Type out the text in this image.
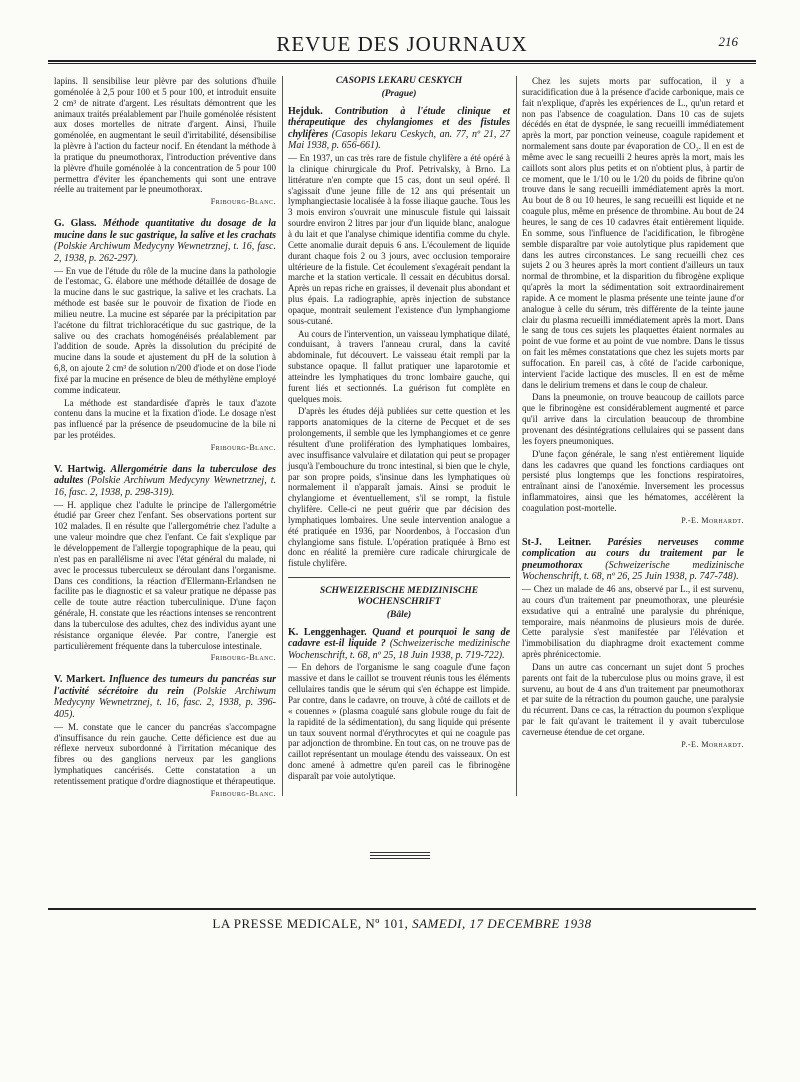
REVUE DES JOURNAUX	216

lapins. Il sensibilise leur plèvre par des solutions d'huile goménolée à 2,5 pour 100 et 5 pour 100, et introduit ensuite 2 cm³ de nitrate d'argent. Les résultats démontrent que les animaux traités préalablement par l'huile goménolée résistent aux doses mortelles de nitrate d'argent. Ainsi, l'huile goménolée, en augmentant le seuil d'irritabilité, désensibilise la plèvre à l'action du facteur nocif. En étendant la méthode à la pratique du pneumothorax, l'introduction préventive dans la plèvre d'huile goménolée à la concentration de 5 pour 100 permettra d'éviter les épanchements qui sont une entrave réelle au traitement par le pneumothorax.

Fribourg-Blanc.

G. Glass. Méthode quantitative du dosage de la mucine dans le suc gastrique, la salive et les crachats (Polskie Archiwum Medycyny Wewnetrznej, t. 16, fasc. 2, 1938, p. 262-297).

— En vue de l'étude du rôle de la mucine dans la pathologie de l'estomac, G. élabore une méthode détaillée de dosage de la mucine dans le suc gastrique, la salive et les crachats. La méthode est basée sur le pouvoir de fixation de l'iode en milieu neutre. La mucine est séparée par la précipitation par l'acétone du filtrat trichloracétique du suc gastrique, de la salive ou des crachats homogénéisés préalablement par l'addition de soude. Après la dissolution du précipité de mucine dans la soude et ajustement du pH de la solution à 6,8, on ajoute 2 cm³ de solution n/200 d'iode et on dose l'iode fixé par la mucine en présence de bleu de méthylène employé comme indicateur.

La méthode est standardisée d'après le taux d'azote contenu dans la mucine et la fixation d'iode. Le dosage n'est pas influencé par la présence de pseudomucine de la bile ni par les protéides.

Fribourg-Blanc.

V. Hartwig. Allergométrie dans la tuberculose des adultes (Polskie Archiwum Medycyny Wewnetrznej, t. 16, fasc. 2, 1938, p. 298-319).

— H. applique chez l'adulte le principe de l'allergométrie étudié par Greer chez l'enfant. Ses observations portent sur 102 malades. Il en résulte que l'allergométrie chez l'adulte a une valeur moindre que chez l'enfant. Ce fait s'explique par le développement de l'allergie topographique de la peau, qui n'est pas en parallélisme ni avec l'état général du malade, ni avec le processus tuberculeux se déroulant dans l'organisme. Dans ces conditions, la réaction d'Ellermann-Erlandsen ne facilite pas le diagnostic et sa valeur pratique ne dépasse pas celle de toute autre réaction tuberculinique. D'une façon générale, H. constate que les réactions intenses se rencontrent dans la tuberculose des adultes, chez des individus ayant une résistance organique élevée. Par contre, l'anergie est particulièrement fréquente dans la tuberculose intestinale.

Fribourg-Blanc.

V. Markert. Influence des tumeurs du pancréas sur l'activité sécrétoire du rein (Polskie Archiwum Medycyny Wewnetrznej, t. 16, fasc. 2, 1938, p. 396-405).

— M. constate que le cancer du pancréas s'accompagne d'insuffisance du rein gauche. Cette déficience est due au réflexe nerveux subordonné à l'irritation mécanique des fibres ou des ganglions nerveux par les ganglions lymphatiques cancérisés. Cette constatation a un retentissement pratique d'ordre diagnostique et thérapeutique.

Fribourg-Blanc.

CASOPIS LEKARU CESKYCH

(Prague)

Hejduk. Contribution à l'étude clinique et thérapeutique des chylangiomes et des fistules chylifères (Casopis lekaru Ceskych, an. 77, nº 21, 27 Mai 1938, p. 656-661).

— En 1937, un cas très rare de fistule chylifère a été opéré à la clinique chirurgicale du Prof. Petrivalsky, à Brno. La littérature n'en compte que 15 cas, dont un seul opéré. Il s'agissait d'une jeune fille de 12 ans qui présentait un lymphangiectasie localisée à la fosse iliaque gauche. Tous les 3 mois environ s'ouvrait une minuscule fistule qui laissait sourdre environ 2 litres par jour d'un liquide blanc, analogue à du lait et que l'analyse chimique identifia comme du chyle. Cette anomalie durait depuis 6 ans. L'écoulement de liquide durant chaque fois 2 ou 3 jours, avec occlusion temporaire ultérieure de la fistule. Cet écoulement s'exagérait pendant la marche et la station verticale. Il cessait en décubitus dorsal. Après un repas riche en graisses, il devenait plus abondant et plus épais. La radiographie, après injection de substance opaque, montrait seulement l'existence d'un lymphangiome sous-cutané.

Au cours de l'intervention, un vaisseau lymphatique dilaté, conduisant, à travers l'anneau crural, dans la cavité abdominale, fut découvert. Le vaisseau était rempli par la substance opaque. Il fallut pratiquer une laparotomie et atteindre les lymphatiques du tronc lombaire gauche, qui furent liés et sectionnés. La guérison fut complète en quelques mois.

D'après les études déjà publiées sur cette question et les rapports anatomiques de la citerne de Pecquet et de ses prolongements, il semble que les lymphangiomes et ce genre résultent d'une prolifération des lymphatiques lombaires, avec insuffisance valvulaire et dilatation qui peut se propager jusqu'à l'embouchure du tronc intestinal, si bien que le chyle, par son propre poids, s'insinue dans les lymphatiques où normalement il n'apparaît jamais. Ainsi se produit le chylangiome et éventuellement, s'il se rompt, la fistule chylifère. Celle-ci ne peut guérir que par décision des lymphatiques lombaires. Une seule intervention analogue a été pratiquée en 1936, par Noordenbos, à l'occasion d'un chylangiome sans fistule. L'opération pratiquée à Brno est donc en réalité la première cure radicale chirurgicale de fistule chylifère.

SCHWEIZERISCHE MEDIZINISCHE WOCHENSCHRIFT

(Bâle)

K. Lenggenhager. Quand et pourquoi le sang de cadavre est-il liquide ? (Schweizerische medizinische Wochenschrift, t. 68, nº 25, 18 Juin 1938, p. 719-722).

— En dehors de l'organisme le sang coagule d'une façon massive et dans le caillot se trouvent réunis tous les éléments cellulaires tandis que le sérum qui s'en échappe est limpide. Par contre, dans le cadavre, on trouve, à côté de caillots et de « couennes » (plasma coagulé sans globule rouge du fait de la rapidité de la sédimentation), du sang liquide qui présente un taux souvent normal d'érythrocytes et qui ne coagule pas par adjonction de thrombine. En tout cas, on ne trouve pas de caillot représentant un moulage étendu des vaisseaux. On est donc amené à admettre qu'en pareil cas le fibrinogène disparaît par voie autolytique.

Chez les sujets morts par suffocation, il y a suracidification due à la présence d'acide carbonique, mais ce fait n'explique, d'après les expériences de L., qu'un retard et non pas l'absence de coagulation. Dans 10 cas de sujets décédés en état de dyspnée, le sang recueilli immédiatement après la mort, par ponction veineuse, coagule rapidement et normalement sans doute par évaporation de CO₂. Il en est de même avec le sang recueilli 2 heures après la mort, mais les caillots sont alors plus petits et on n'obtient plus, à partir de ce moment, que le 1/10 ou le 1/20 du poids de fibrine qu'on trouve dans le sang recueilli immédiatement après la mort. Au bout de 8 ou 10 heures, le sang recueilli est liquide et ne coagule plus, même en présence de thrombine. Au bout de 24 heures, le sang de ces 10 cadavres était entièrement liquide. En somme, sous l'influence de l'acidification, le fibrogène semble disparaître par voie autolytique plus rapidement que dans les autres circonstances. Le sang recueilli chez ces sujets 2 ou 3 heures après la mort contient d'ailleurs un taux normal de thrombine, et la disparition du fibrogène explique qu'après la mort la sédimentation soit extraordinairement rapide. A ce moment le plasma présente une teinte jaune d'or analogue à celle du sérum, très différente de la teinte jaune clair du plasma recueilli immédiatement après la mort. Dans le sang de tous ces sujets les plaquettes étaient normales au point de vue forme et au point de vue nombre. Dans le tissus on fait les mêmes constatations que chez les sujets morts par suffocation. En pareil cas, à côté de l'acide carbonique, intervient l'acide lactique des muscles. Il en est de même dans le delirium tremens et dans le coup de chaleur.

Dans la pneumonie, on trouve beaucoup de caillots parce que le fibrinogène est considérablement augmenté et parce qu'il arrive dans la circulation beaucoup de thrombine provenant des désintégrations cellulaires qui se passent dans les foyers pneumoniques.

D'une façon générale, le sang n'est entièrement liquide dans les cadavres que quand les fonctions cardiaques ont persisté plus longtemps que les fonctions respiratoires, entraînant ainsi de l'anoxémie. Inversement les processus inflammatoires, ainsi que les hématomes, accélèrent la coagulation post-mortelle.

P.-E. Morhardt.

St-J. Leitner. Parésies nerveuses comme complication au cours du traitement par le pneumothorax (Schweizerische medizinische Wochenschrift, t. 68, nº 26, 25 Juin 1938, p. 747-748).

— Chez un malade de 46 ans, observé par L., il est survenu, au cours d'un traitement par pneumothorax, une pleurésie exsudative qui a entraîné une paralysie du phrénique, temporaire, mais néanmoins de plusieurs mois de durée. Cette paralysie s'est manifestée par l'élévation et l'immobilisation du diaphragme droit exactement comme après phrénicectomie.

Dans un autre cas concernant un sujet dont 5 proches parents ont fait de la tuberculose plus ou moins grave, il est survenu, au bout de 4 ans d'un traitement par pneumothorax et par suite de la rétraction du poumon gauche, une paralysie du récurrent. Dans ce cas, la rétraction du poumon s'explique par le fait qu'avant le traitement il y avait tuberculose caverneuse étendue de cet organe.

P.-E. Morhardt.
LA PRESSE MEDICALE, Nº 101, SAMEDI, 17 DECEMBRE 1938
